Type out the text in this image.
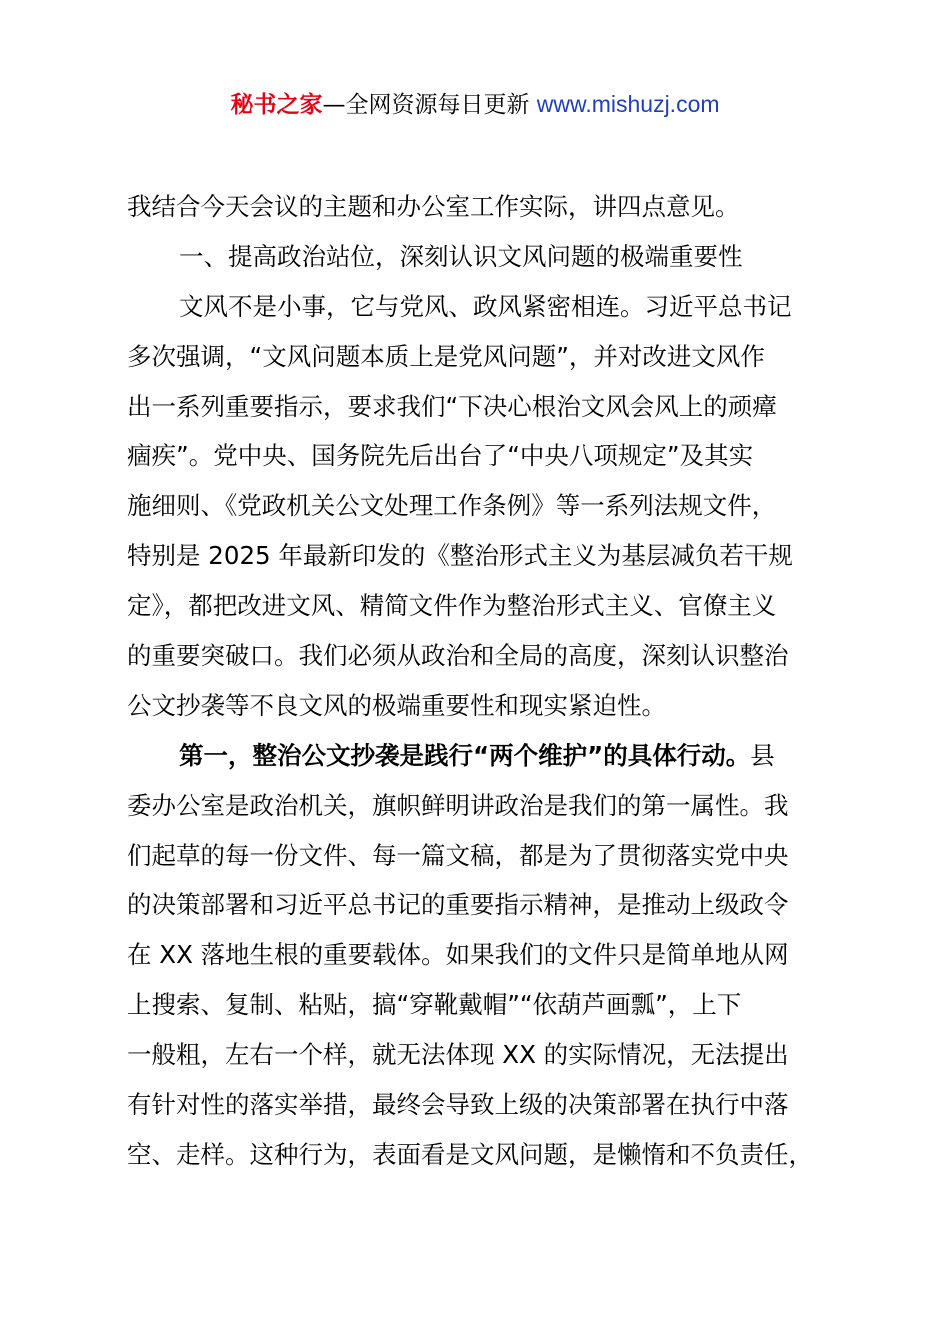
秘书之家—全网资源每日更新 www.mishuzj.com
我结合今天会议的主题和办公室工作实际，讲四点意见。
一、提高政治站位，深刻认识文风问题的极端重要性
文风不是小事，它与党风、政风紧密相连。习近平总书记
多次强调，“文风问题本质上是党风问题”，并对改进文风作
出一系列重要指示，要求我们“下决心根治文风会风上的顽瘴
痼疾”。党中央、国务院先后出台了“中央八项规定”及其实
施细则、《党政机关公文处理工作条例》等一系列法规文件，
特别是 2025 年最新印发的《整治形式主义为基层减负若干规
定》，都把改进文风、精简文件作为整治形式主义、官僚主义
的重要突破口。我们必须从政治和全局的高度，深刻认识整治
公文抄袭等不良文风的极端重要性和现实紧迫性。
第一，整治公文抄袭是践行“两个维护”的具体行动。县
委办公室是政治机关，旗帜鲜明讲政治是我们的第一属性。我
们起草的每一份文件、每一篇文稿，都是为了贯彻落实党中央
的决策部署和习近平总书记的重要指示精神，是推动上级政令
在 XX 落地生根的重要载体。如果我们的文件只是简单地从网
上搜索、复制、粘贴，搞“穿靴戴帽”“依葫芦画瓢”，上下
一般粗，左右一个样，就无法体现 XX 的实际情况，无法提出
有针对性的落实举措，最终会导致上级的决策部署在执行中落
空、走样。这种行为，表面看是文风问题，是懒惰和不负责任，
